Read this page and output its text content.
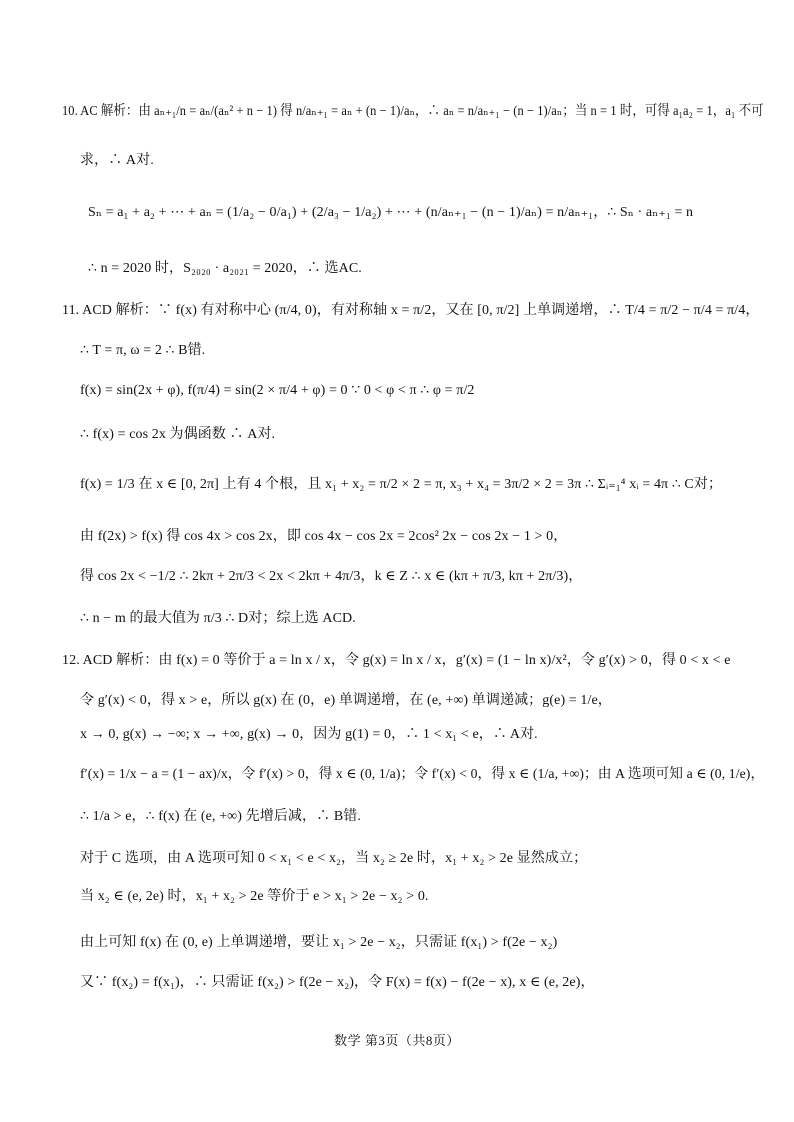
10. AC 解析：由 aₙ₊₁/n = aₙ/(aₙ² + n − 1) 得 n/aₙ₊₁ = aₙ + (n − 1)/aₙ，∴ aₙ = n/aₙ₊₁ − (n − 1)/aₙ；当 n = 1 时，可得 a₁a₂ = 1，a₁ 不可
求，∴ A对.
Sₙ = a₁ + a₂ + ⋯ + aₙ = (1/a₂ − 0/a₁) + (2/a₃ − 1/a₂) + ⋯ + (n/aₙ₊₁ − (n − 1)/aₙ) = n/aₙ₊₁，∴ Sₙ · aₙ₊₁ = n
∴ n = 2020 时，S₂₀₂₀ · a₂₀₂₁ = 2020，∴ 选AC.
11. ACD 解析：∵ f(x) 有对称中心 (π/4, 0)，有对称轴 x = π/2，又在 [0, π/2] 上单调递增，∴ T/4 = π/2 − π/4 = π/4，
∴ T = π, ω = 2 ∴ B错.
f(x) = sin(2x + φ), f(π/4) = sin(2 × π/4 + φ) = 0 ∵ 0 < φ < π ∴ φ = π/2
∴ f(x) = cos 2x 为偶函数 ∴ A对.
f(x) = 1/3 在 x ∈ [0, 2π] 上有 4 个根，且 x₁ + x₂ = π/2 × 2 = π, x₃ + x₄ = 3π/2 × 2 = 3π ∴ Σᵢ₌₁⁴ xᵢ = 4π ∴ C对；
由 f(2x) > f(x) 得 cos 4x > cos 2x，即 cos 4x − cos 2x = 2cos² 2x − cos 2x − 1 > 0，
得 cos 2x < −1/2 ∴ 2kπ + 2π/3 < 2x < 2kπ + 4π/3，k ∈ Z ∴ x ∈ (kπ + π/3, kπ + 2π/3)，
∴ n − m 的最大值为 π/3 ∴ D对；综上选 ACD.
12. ACD 解析：由 f(x) = 0 等价于 a = ln x / x，令 g(x) = ln x / x，g′(x) = (1 − ln x)/x²，令 g′(x) > 0，得 0 < x < e
令 g′(x) < 0，得 x > e，所以 g(x) 在 (0，e) 单调递增，在 (e, +∞) 单调递减；g(e) = 1/e，
x → 0, g(x) → −∞; x → +∞, g(x) → 0，因为 g(1) = 0，∴ 1 < x₁ < e，∴ A对.
f′(x) = 1/x − a = (1 − ax)/x，令 f′(x) > 0，得 x ∈ (0, 1/a)；令 f′(x) < 0，得 x ∈ (1/a, +∞)；由 A 选项可知 a ∈ (0, 1/e)，
∴ 1/a > e，∴ f(x) 在 (e, +∞) 先增后减，∴ B错.
对于 C 选项，由 A 选项可知 0 < x₁ < e < x₂，当 x₂ ≥ 2e 时，x₁ + x₂ > 2e 显然成立；
当 x₂ ∈ (e, 2e) 时，x₁ + x₂ > 2e 等价于 e > x₁ > 2e − x₂ > 0.
由上可知 f(x) 在 (0, e) 上单调递增，要让 x₁ > 2e − x₂，只需证 f(x₁) > f(2e − x₂)
又∵ f(x₂) = f(x₁)，∴ 只需证 f(x₂) > f(2e − x₂)，令 F(x) = f(x) − f(2e − x), x ∈ (e, 2e)，
数学 第3页（共8页）
